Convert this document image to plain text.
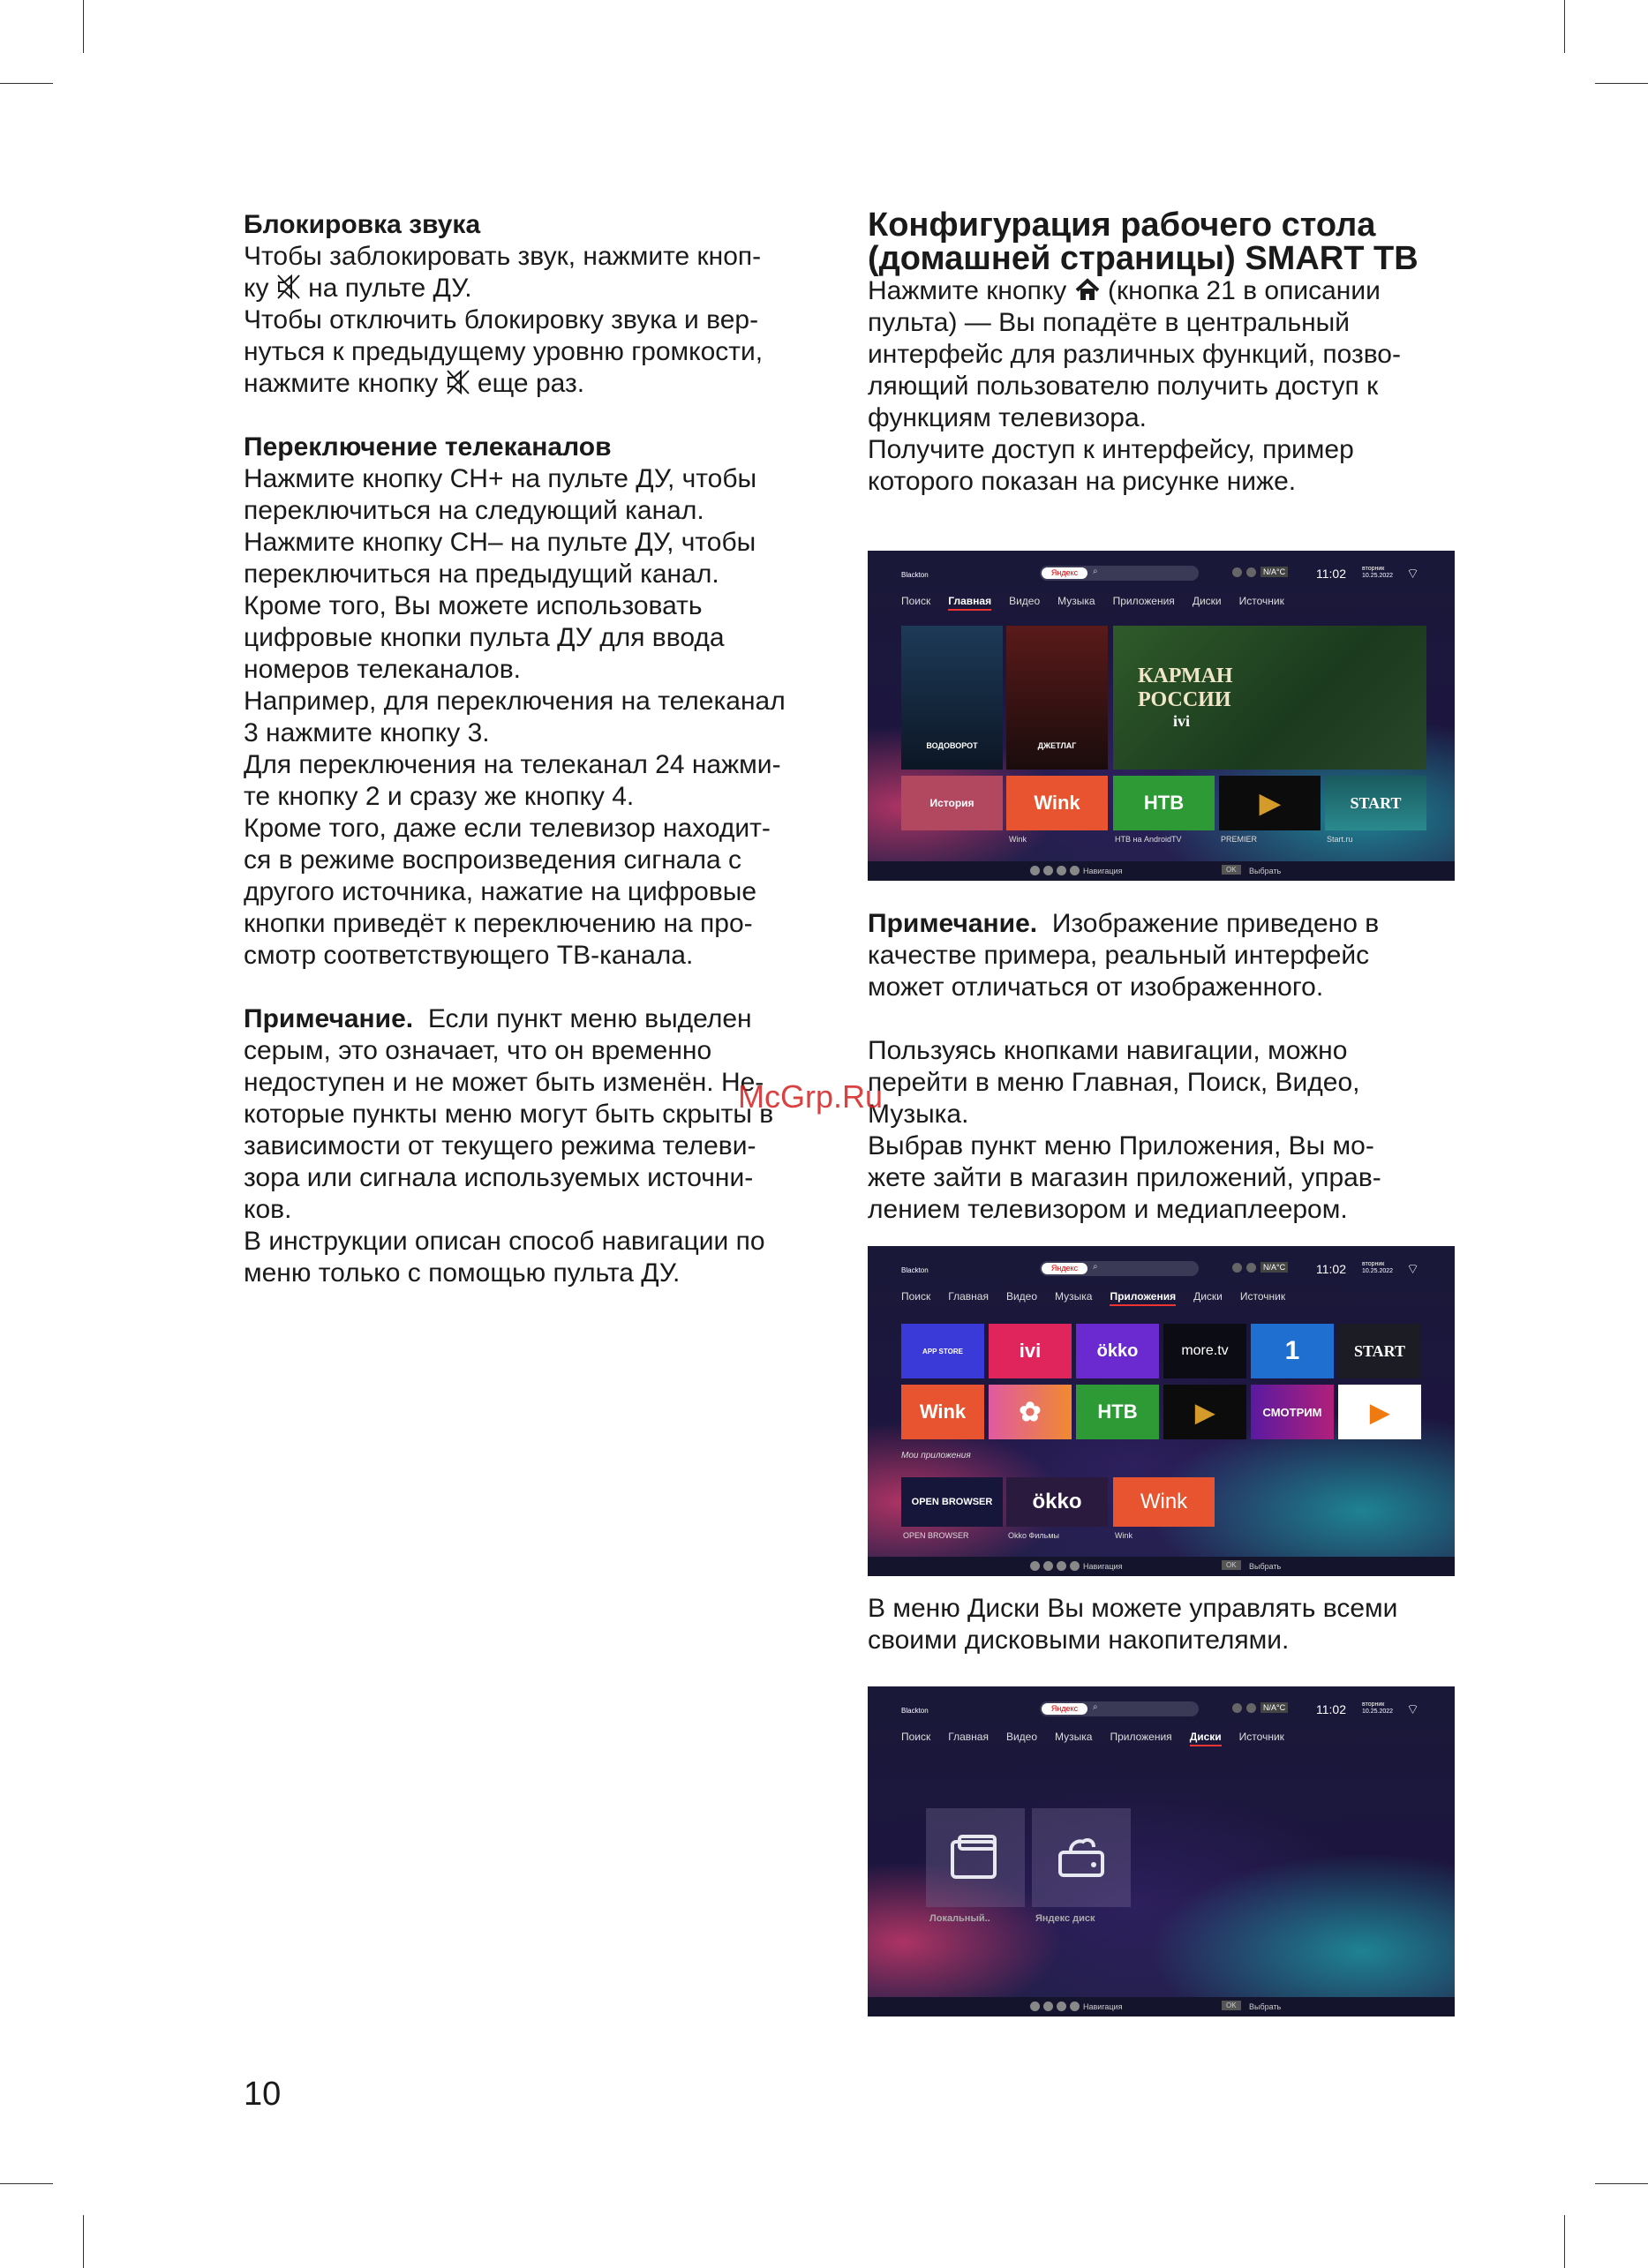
Блокировка звука

Чтобы заблокировать звук, нажмите кноп-

ку на пульте ДУ.

Чтобы отключить блокировку звука и вер-

нуться к предыдущему уровню громкости,

нажмите кнопку еще раз.

Переключение телеканалов

Нажмите кнопку CH+ на пульте ДУ, чтобы

переключиться на следующий канал.

Нажмите кнопку CH– на пульте ДУ, чтобы

переключиться на предыдущий канал.

Кроме того, Вы можете использовать

цифровые кнопки пульта ДУ для ввода

номеров телеканалов.

Например, для переключения на телеканал

3 нажмите кнопку 3.

Для переключения на телеканал 24 нажми-

те кнопку 2 и сразу же кнопку 4.

Кроме того, даже если телевизор находит-

ся в режиме воспроизведения сигнала с

другого источника, нажатие на цифровые

кнопки приведёт к переключению на про-

смотр соответствующего ТВ-канала.

Примечание. Если пункт меню выделен

серым, это означает, что он временно

недоступен и не может быть изменён. Не-

которые пункты меню могут быть скрыты в

зависимости от текущего режима телеви-

зора или сигнала используемых источни-

ков.

В инструкции описан способ навигации по

меню только с помощью пульта ДУ.

Конфигурация рабочего стола
(домашней страницы) SMART TB

Нажмите кнопку (кнопка 21 в описании

пульта) — Вы попадёте в центральный

интерфейс для различных функций, позво-

ляющий пользователю получить доступ к

функциям телевизора.

Получите доступ к интерфейсу, пример

которого показан на рисунке ниже.

Примечание. Изображение приведено в

качестве примера, реальный интерфейс

может отличаться от изображенного.

Пользуясь кнопками навигации, можно

перейти в меню Главная, Поиск, Видео,

Музыка.

Выбрав пункт меню Приложения, Вы мо-

жете зайти в магазин приложений, управ-

лением телевизором и медиаплеером.

В меню Диски Вы можете управлять всеми

своими дисковыми накопителями.

McGrp.Ru
Blackton	Яндекс	⌕	N/A°C 11:02	вторник
10.25.2022 ⌔
Поиск Главная Видео Музыка Приложения Диски Источник
ВОДОВОРОТ	ДЖЕТЛАГ
КАРМАН
РОССИИ
ivi
История	Wink	НТВ	▶	START
Wink	НТВ на AndroidTV	PREMIER	Start.ru
Навигация	OK	Выбрать
Blackton	Яндекс	⌕	N/A°C 11:02	вторник
10.25.2022 ⌔
Поиск Главная Видео Музыка Приложения Диски Источник
APP STORE	ivi	ökko	more.tv 1	START
Wink ✿	НТВ ▶	СМОТРИМ ▶
Мои приложения
OPEN BROWSER ökko	Wink
OPEN BROWSER	Okko Фильмы	Wink
Навигация	OK	Выбрать
Blackton	Яндекс	⌕	N/A°C 11:02	вторник
10.25.2022 ⌔
Поиск Главная Видео Музыка Приложения Диски Источник
Локальный..	Яндекс диск
Навигация	OK	Выбрать
10
